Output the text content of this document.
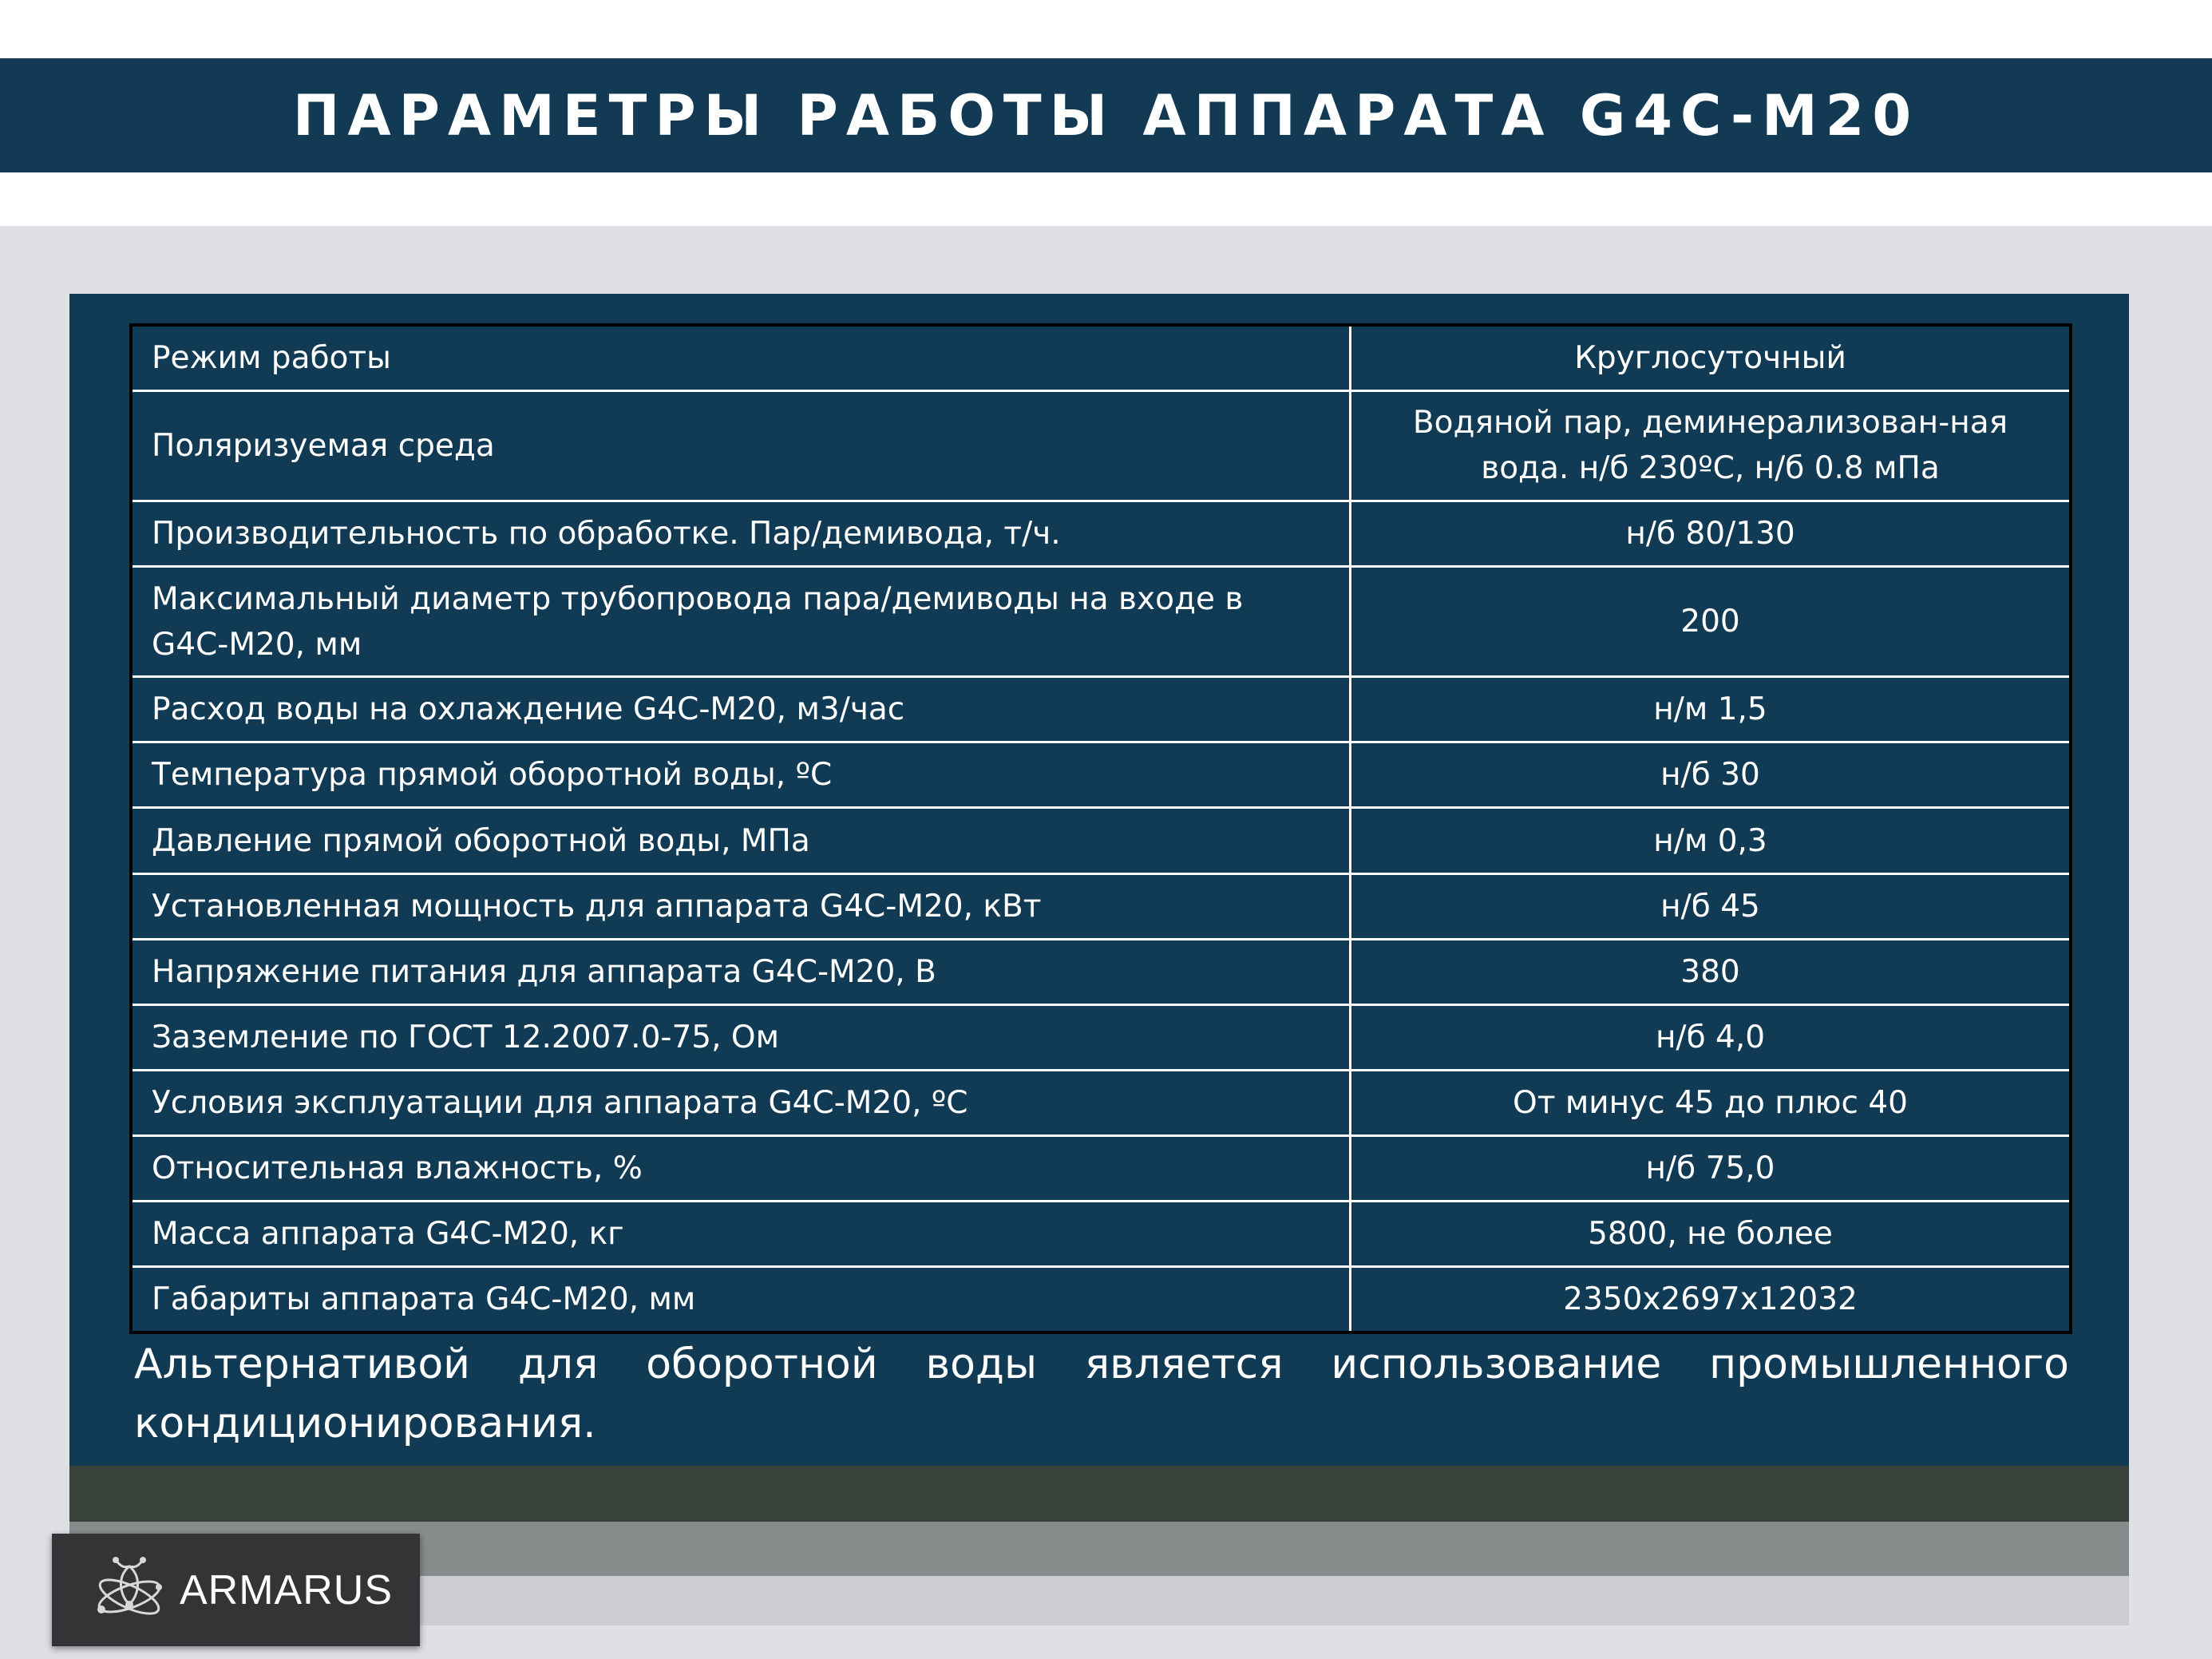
ПАРАМЕТРЫ РАБОТЫ АППАРАТА G4C-M20
Режим работы	Круглосуточный
Поляризуемая среда	Водяной пар, деминерализован-ная вода. н/б 230ºС, н/б 0.8 мПа
Производительность по обработке. Пар/демивода, т/ч.	н/б 80/130
Максимальный диаметр трубопровода пара/демиводы на входе в G4C-M20, мм	200
Расход воды на охлаждение G4C-M20, м3/час	н/м 1,5
Температура прямой оборотной воды, ºС	н/б 30
Давление прямой оборотной воды, МПа	н/м 0,3
Установленная мощность для аппарата G4C-M20, кВт	н/б 45
Напряжение питания для аппарата G4C-M20, В	380
Заземление по ГОСТ 12.2007.0-75, Ом	н/б 4,0
Условия эксплуатации для аппарата G4C-M20, ºС	От минус 45 до плюс 40
Относительная влажность, %	н/б 75,0
Масса аппарата G4C-M20, кг	5800, не более
Габариты аппарата G4C-M20, мм	2350х2697х12032
Альтернативой для оборотной воды является использование промышленного кондиционирования.
ARMARUS
